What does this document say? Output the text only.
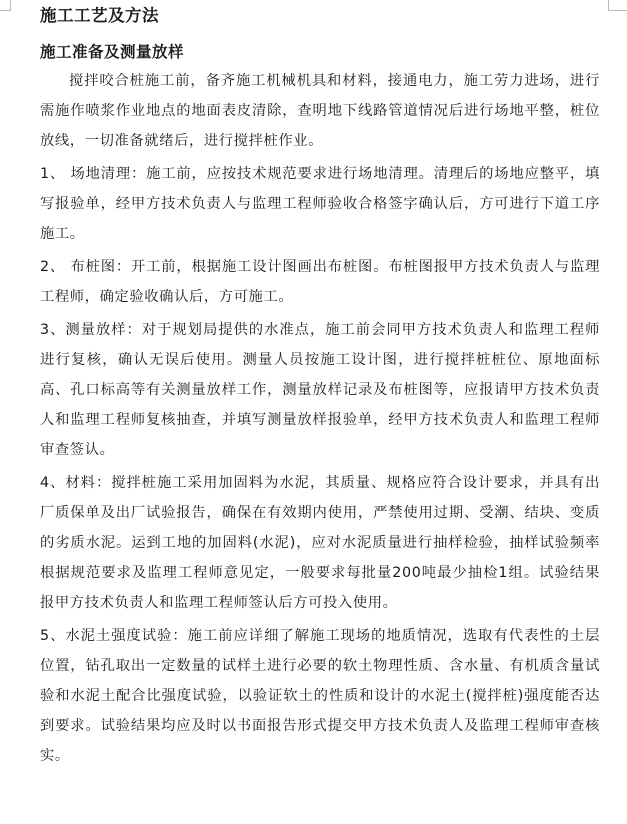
施工工艺及方法
施工准备及测量放样

搅拌咬合桩施工前，备齐施工机械机具和材料，接通电力，施工劳力进场，进行需施作喷浆作业地点的地面表皮清除，查明地下线路管道情况后进行场地平整，桩位放线，一切准备就绪后，进行搅拌桩作业。

1、 场地清理：施工前，应按技术规范要求进行场地清理。清理后的场地应整平，填写报验单，经甲方技术负责人与监理工程师验收合格签字确认后，方可进行下道工序施工。

2、 布桩图：开工前，根据施工设计图画出布桩图。布桩图报甲方技术负责人与监理工程师，确定验收确认后，方可施工。

3、测量放样：对于规划局提供的水准点，施工前会同甲方技术负责人和监理工程师进行复核，确认无误后使用。测量人员按施工设计图，进行搅拌桩桩位、原地面标高、孔口标高等有关测量放样工作，测量放样记录及布桩图等，应报请甲方技术负责人和监理工程师复核抽查，并填写测量放样报验单，经甲方技术负责人和监理工程师审查签认。

4、材料：搅拌桩施工采用加固料为水泥，其质量、规格应符合设计要求，并具有出厂质保单及出厂试验报告，确保在有效期内使用，严禁使用过期、受潮、结块、变质的劣质水泥。运到工地的加固料(水泥)，应对水泥质量进行抽样检验，抽样试验频率根据规范要求及监理工程师意见定，一般要求每批量200吨最少抽检1组。试验结果报甲方技术负责人和监理工程师签认后方可投入使用。

5、水泥土强度试验：施工前应详细了解施工现场的地质情况，选取有代表性的土层位置，钻孔取出一定数量的试样土进行必要的软土物理性质、含水量、有机质含量试验和水泥土配合比强度试验，以验证软土的性质和设计的水泥土(搅拌桩)强度能否达到要求。试验结果均应及时以书面报告形式提交甲方技术负责人及监理工程师审查核实。
